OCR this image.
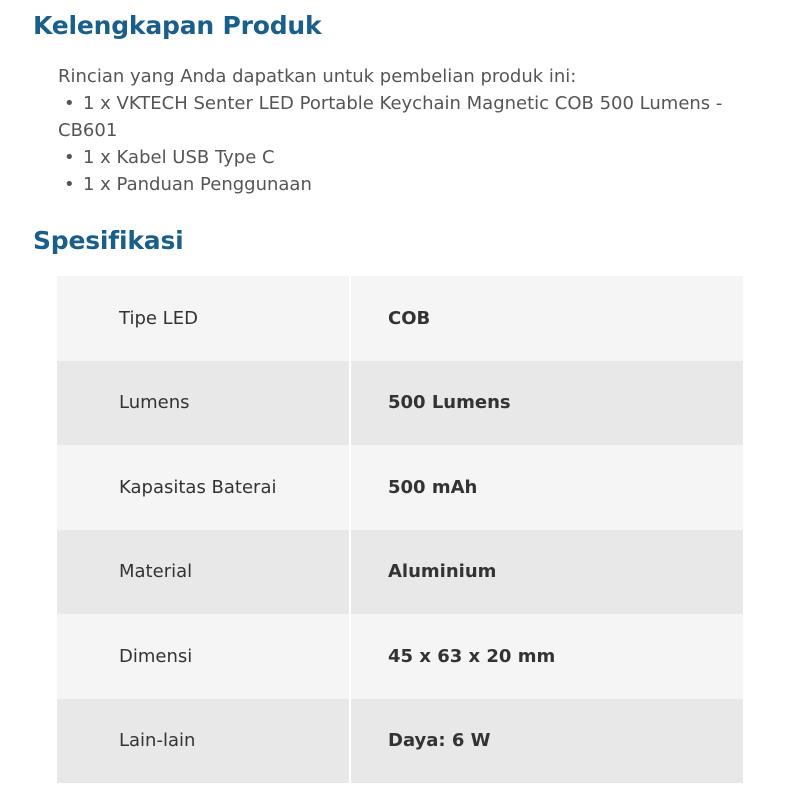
Kelengkapan Produk

Rincian yang Anda dapatkan untuk pembelian produk ini:

• 1 x VKTECH Senter LED Portable Keychain Magnetic COB 500 Lumens - CB601
• 1 x Kabel USB Type C
• 1 x Panduan Penggunaan
Spesifikasi
Tipe LED	COB
Lumens	500 Lumens
Kapasitas Baterai	500 mAh
Material	Aluminium
Dimensi	45 x 63 x 20 mm
Lain-lain	Daya: 6 W
